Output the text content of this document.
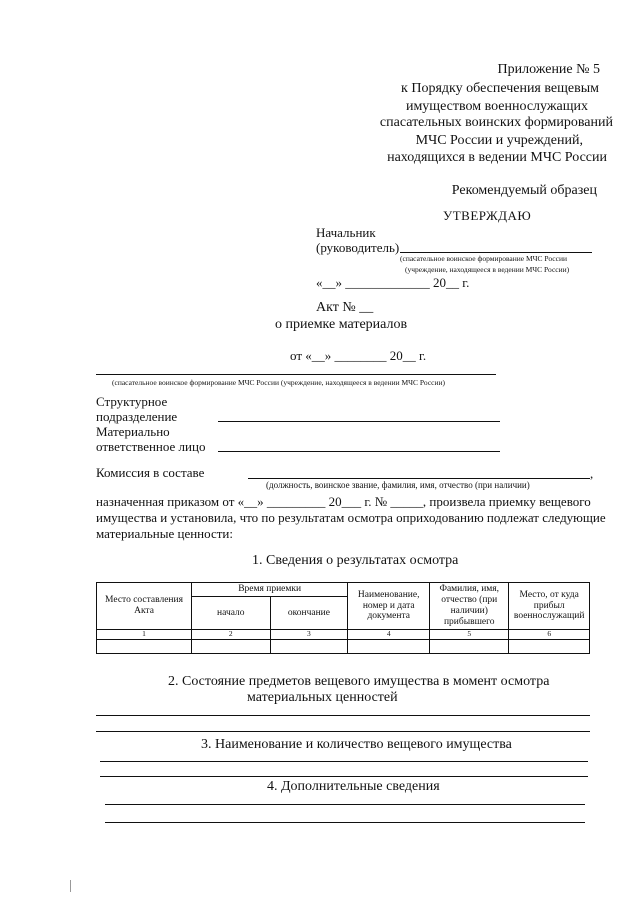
Приложение № 5
к Порядку обеспечения вещевым
имуществом военнослужащих
спасательных воинских формирований
МЧС России и учреждений,
находящихся в ведении МЧС России
Рекомендуемый образец
УТВЕРЖДАЮ
Начальник
(руководитель)
(спасательное воинское формирование МЧС России
(учреждение, находящееся в ведении МЧС России)
«__» _____________ 20__ г.
Акт № __
о приемке материалов
от «__» ________ 20__ г.
(спасательное воинское формирование МЧС России (учреждение, находящееся в ведении МЧС России)
Структурное
подразделение
Материально
ответственное лицо
Комиссия в составе	,
(должность, воинское звание, фамилия, имя, отчество (при наличии)
назначенная приказом от «__» _________ 20___ г. № _____, произвела приемку вещевого
имущества и установила, что по результатам осмотра оприходованию подлежат следующие
материальные ценности:
1. Сведения о результатах осмотра
Место составления Акта	Время приемки		Наименование, номер и дата документа	Фамилия, имя, отчество (при наличии) прибывшего	Место, от куда прибыл военнослужащий
	начало	окончание			
1	2	3	4	5	6

2. Состояние предметов вещевого имущества в момент осмотра
материальных ценностей
3. Наименование и количество вещевого имущества
4. Дополнительные сведения
